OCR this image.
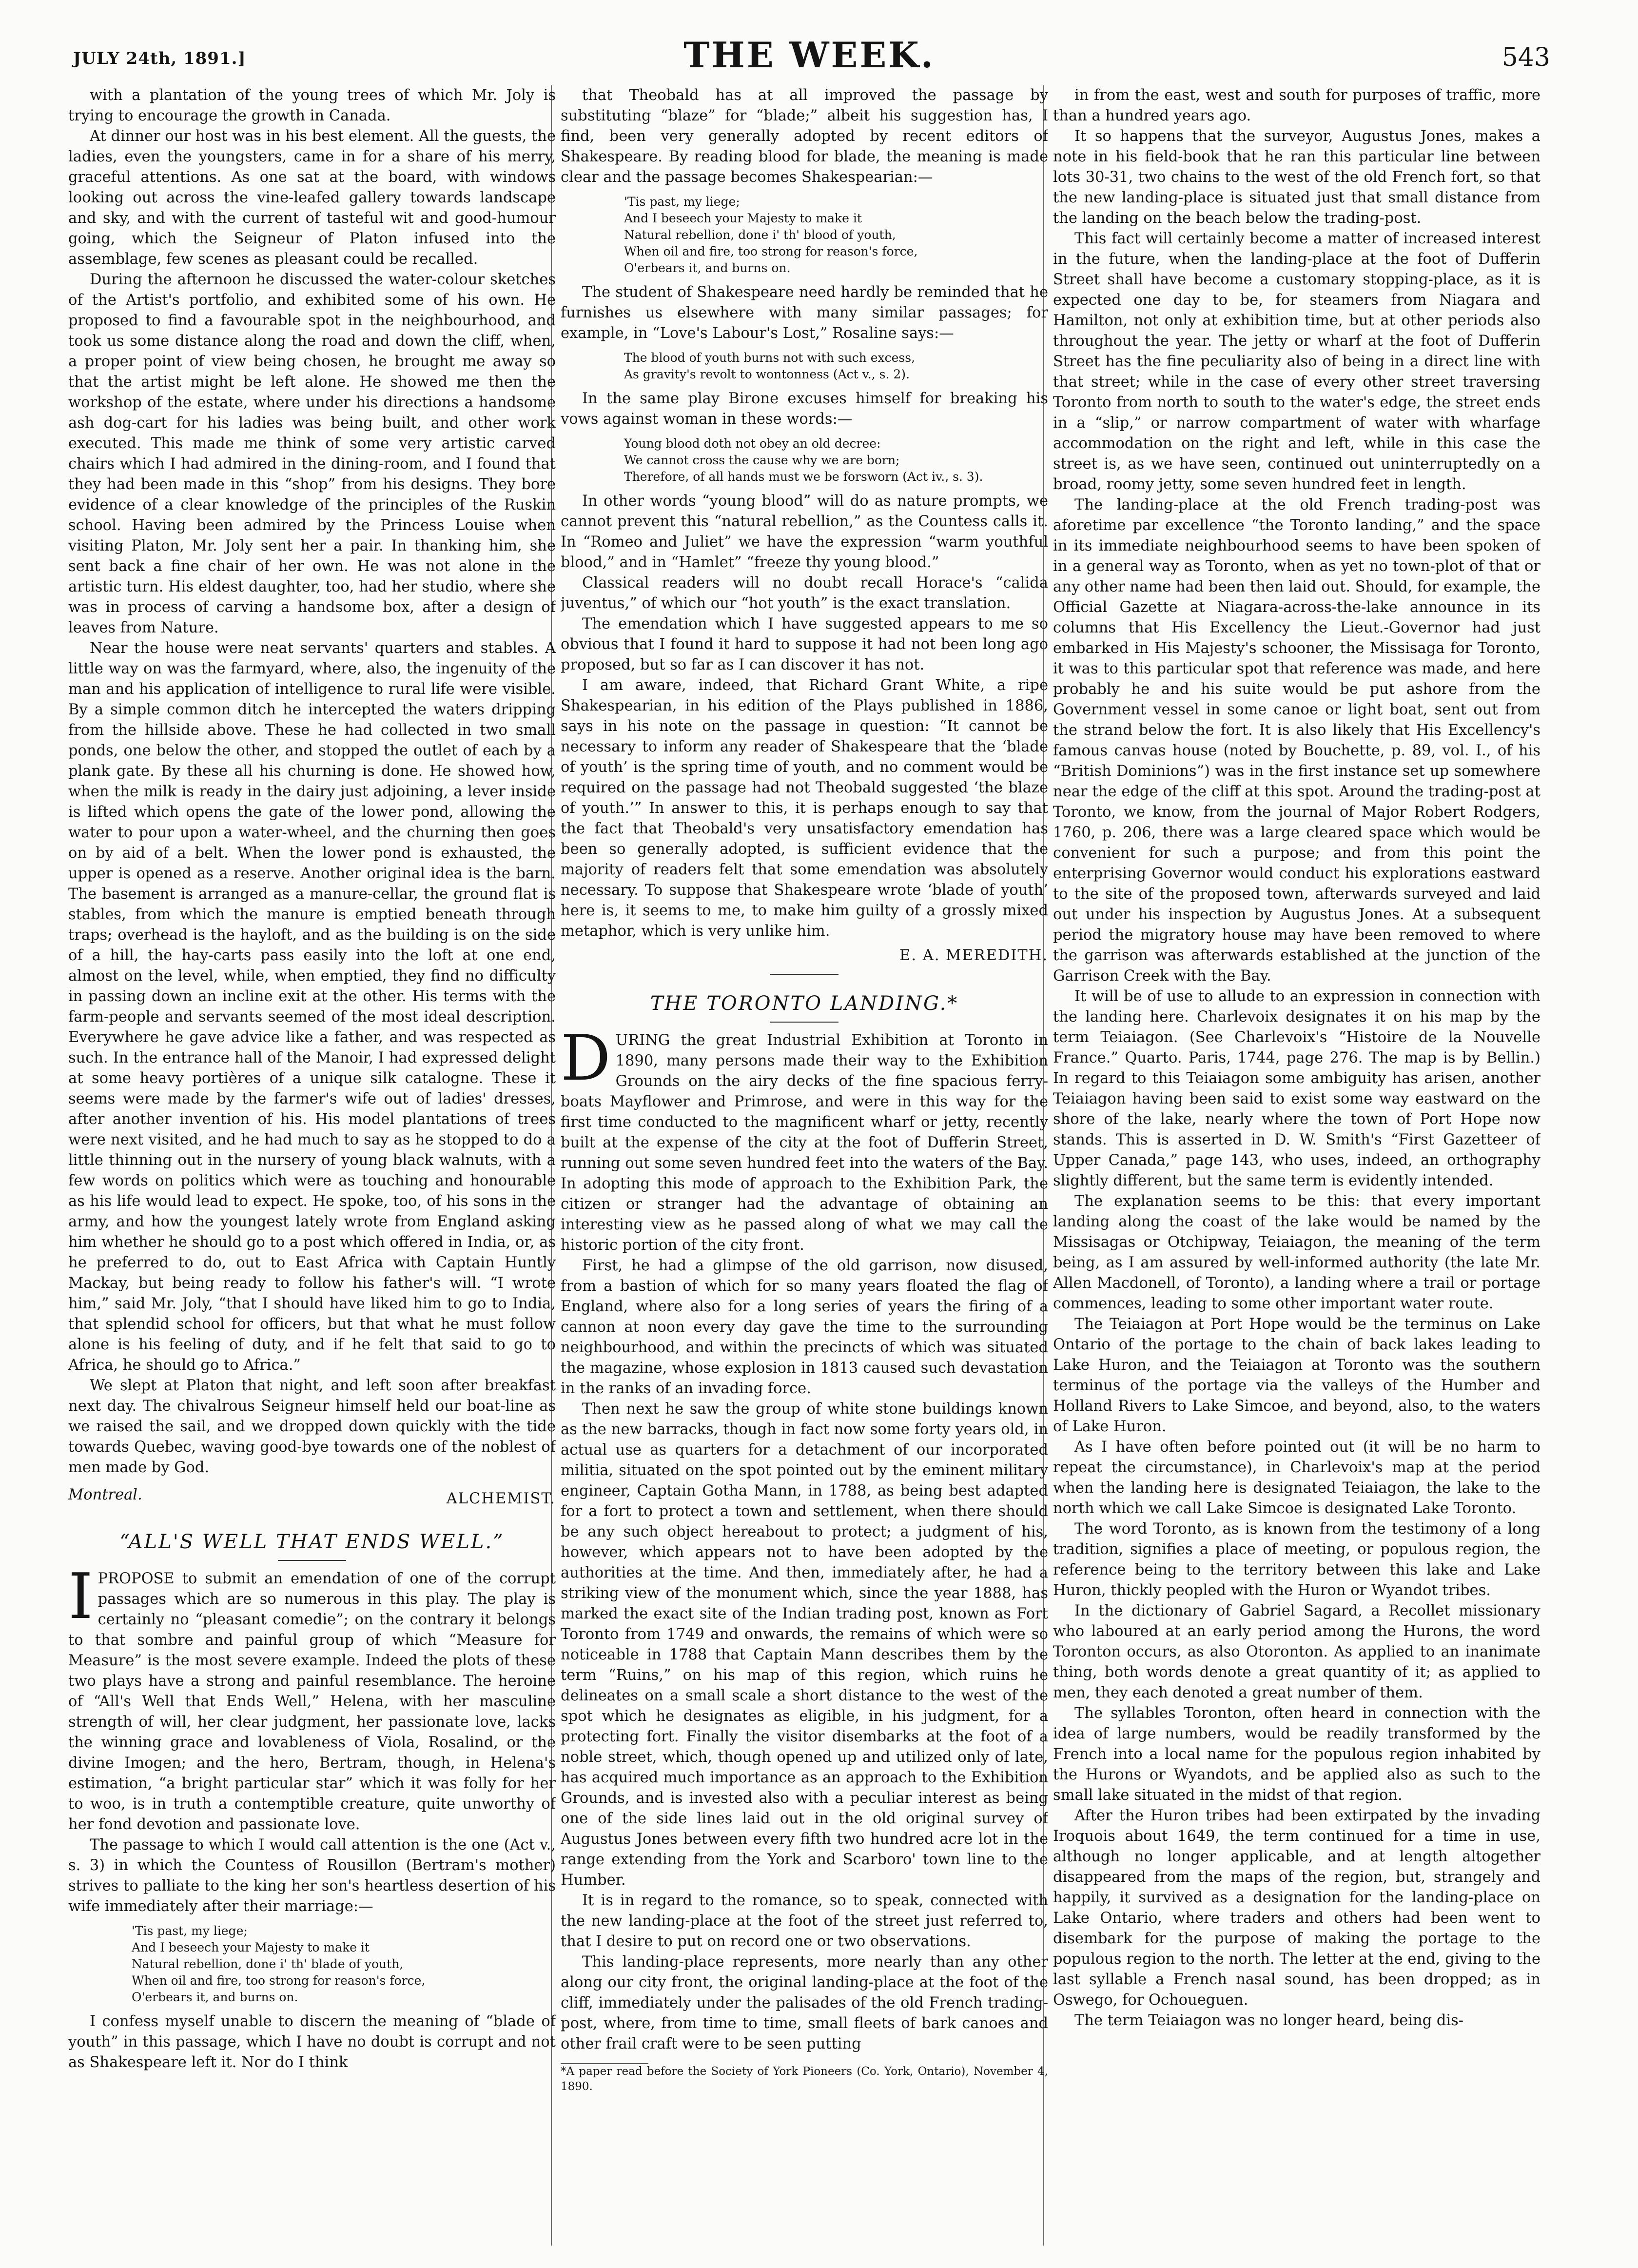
JULY 24th, 1891.]	THE WEEK.	543

with a plantation of the young trees of which Mr. Joly is trying to encourage the growth in Canada.

At dinner our host was in his best element. All the guests, the ladies, even the youngsters, came in for a share of his merry, graceful attentions. As one sat at the board, with windows looking out across the vine-leafed gallery towards landscape and sky, and with the current of tasteful wit and good-humour going, which the Seigneur of Platon infused into the assemblage, few scenes as pleasant could be recalled.

During the afternoon he discussed the water-colour sketches of the Artist's portfolio, and exhibited some of his own. He proposed to find a favourable spot in the neighbourhood, and took us some distance along the road and down the cliff, when, a proper point of view being chosen, he brought me away so that the artist might be left alone. He showed me then the workshop of the estate, where under his directions a handsome ash dog-cart for his ladies was being built, and other work executed. This made me think of some very artistic carved chairs which I had admired in the dining-room, and I found that they had been made in this “shop” from his designs. They bore evidence of a clear knowledge of the principles of the Ruskin school. Having been admired by the Princess Louise when visiting Platon, Mr. Joly sent her a pair. In thanking him, she sent back a fine chair of her own. He was not alone in the artistic turn. His eldest daughter, too, had her studio, where she was in process of carving a handsome box, after a design of leaves from Nature.

Near the house were neat servants' quarters and stables. A little way on was the farmyard, where, also, the ingenuity of the man and his application of intelligence to rural life were visible. By a simple common ditch he intercepted the waters dripping from the hillside above. These he had collected in two small ponds, one below the other, and stopped the outlet of each by a plank gate. By these all his churning is done. He showed how, when the milk is ready in the dairy just adjoining, a lever inside is lifted which opens the gate of the lower pond, allowing the water to pour upon a water-wheel, and the churning then goes on by aid of a belt. When the lower pond is exhausted, the upper is opened as a reserve. Another original idea is the barn. The basement is arranged as a manure-cellar, the ground flat is stables, from which the manure is emptied beneath through traps; overhead is the hayloft, and as the building is on the side of a hill, the hay-carts pass easily into the loft at one end, almost on the level, while, when emptied, they find no difficulty in passing down an incline exit at the other. His terms with the farm-people and servants seemed of the most ideal description. Everywhere he gave advice like a father, and was respected as such. In the entrance hall of the Manoir, I had expressed delight at some heavy portières of a unique silk catalogne. These it seems were made by the farmer's wife out of ladies' dresses, after another invention of his. His model plantations of trees were next visited, and he had much to say as he stopped to do a little thinning out in the nursery of young black walnuts, with a few words on politics which were as touching and honourable as his life would lead to expect. He spoke, too, of his sons in the army, and how the youngest lately wrote from England asking him whether he should go to a post which offered in India, or, as he preferred to do, out to East Africa with Captain Huntly Mackay, but being ready to follow his father's will. “I wrote him,” said Mr. Joly, “that I should have liked him to go to India, that splendid school for officers, but that what he must follow alone is his feeling of duty, and if he felt that said to go to Africa, he should go to Africa.”

We slept at Platon that night, and left soon after breakfast next day. The chivalrous Seigneur himself held our boat-line as we raised the sail, and we dropped down quickly with the tide towards Quebec, waving good-bye towards one of the noblest of men made by God.

Montreal.	ALCHEMIST.
“ALL'S WELL THAT ENDS WELL.”

IPROPOSE to submit an emendation of one of the corrupt passages which are so numerous in this play. The play is certainly no “pleasant comedie”; on the contrary it belongs to that sombre and painful group of which “Measure for Measure” is the most severe example. Indeed the plots of these two plays have a strong and painful resemblance. The heroine of “All's Well that Ends Well,” Helena, with her masculine strength of will, her clear judgment, her passionate love, lacks the winning grace and lovableness of Viola, Rosalind, or the divine Imogen; and the hero, Bertram, though, in Helena's estimation, “a bright particular star” which it was folly for her to woo, is in truth a contemptible creature, quite unworthy of her fond devotion and passionate love.

The passage to which I would call attention is the one (Act v., s. 3) in which the Countess of Rousillon (Bertram's mother) strives to palliate to the king her son's heartless desertion of his wife immediately after their marriage:—

'Tis past, my liege;
And I beseech your Majesty to make it
Natural rebellion, done i' th' blade of youth,
When oil and fire, too strong for reason's force,
O'erbears it, and burns on.

I confess myself unable to discern the meaning of “blade of youth” in this passage, which I have no doubt is corrupt and not as Shakespeare left it. Nor do I think

that Theobald has at all improved the passage by substituting “blaze” for “blade;” albeit his suggestion has, I find, been very generally adopted by recent editors of Shakespeare. By reading blood for blade, the meaning is made clear and the passage becomes Shakespearian:—

'Tis past, my liege;
And I beseech your Majesty to make it
Natural rebellion, done i' th' blood of youth,
When oil and fire, too strong for reason's force,
O'erbears it, and burns on.

The student of Shakespeare need hardly be reminded that he furnishes us elsewhere with many similar passages; for example, in “Love's Labour's Lost,” Rosaline says:—

The blood of youth burns not with such excess,
As gravity's revolt to wontonness (Act v., s. 2).

In the same play Birone excuses himself for breaking his vows against woman in these words:—

Young blood doth not obey an old decree:
We cannot cross the cause why we are born;
Therefore, of all hands must we be forsworn (Act iv., s. 3).

In other words “young blood” will do as nature prompts, we cannot prevent this “natural rebellion,” as the Countess calls it. In “Romeo and Juliet” we have the expression “warm youthful blood,” and in “Hamlet” “freeze thy young blood.”

Classical readers will no doubt recall Horace's “calida juventus,” of which our “hot youth” is the exact translation.

The emendation which I have suggested appears to me so obvious that I found it hard to suppose it had not been long ago proposed, but so far as I can discover it has not.

I am aware, indeed, that Richard Grant White, a ripe Shakespearian, in his edition of the Plays published in 1886, says in his note on the passage in question: “It cannot be necessary to inform any reader of Shakespeare that the ‘blade of youth’ is the spring time of youth, and no comment would be required on the passage had not Theobald suggested ‘the blaze of youth.’” In answer to this, it is perhaps enough to say that the fact that Theobald's very unsatisfactory emendation has been so generally adopted, is sufficient evidence that the majority of readers felt that some emendation was absolutely necessary. To suppose that Shakespeare wrote ‘blade of youth’ here is, it seems to me, to make him guilty of a grossly mixed metaphor, which is very unlike him.

E. A. MEREDITH.
THE TORONTO LANDING.*

DURING the great Industrial Exhibition at Toronto in 1890, many persons made their way to the Exhibition Grounds on the airy decks of the fine spacious ferry-boats Mayflower and Primrose, and were in this way for the first time conducted to the magnificent wharf or jetty, recently built at the expense of the city at the foot of Dufferin Street, running out some seven hundred feet into the waters of the Bay. In adopting this mode of approach to the Exhibition Park, the citizen or stranger had the advantage of obtaining an interesting view as he passed along of what we may call the historic portion of the city front.

First, he had a glimpse of the old garrison, now disused, from a bastion of which for so many years floated the flag of England, where also for a long series of years the firing of a cannon at noon every day gave the time to the surrounding neighbourhood, and within the precincts of which was situated the magazine, whose explosion in 1813 caused such devastation in the ranks of an invading force.

Then next he saw the group of white stone buildings known as the new barracks, though in fact now some forty years old, in actual use as quarters for a detachment of our incorporated militia, situated on the spot pointed out by the eminent military engineer, Captain Gotha Mann, in 1788, as being best adapted for a fort to protect a town and settlement, when there should be any such object hereabout to protect; a judgment of his, however, which appears not to have been adopted by the authorities at the time. And then, immediately after, he had a striking view of the monument which, since the year 1888, has marked the exact site of the Indian trading post, known as Fort Toronto from 1749 and onwards, the remains of which were so noticeable in 1788 that Captain Mann describes them by the term “Ruins,” on his map of this region, which ruins he delineates on a small scale a short distance to the west of the spot which he designates as eligible, in his judgment, for a protecting fort. Finally the visitor disembarks at the foot of a noble street, which, though opened up and utilized only of late, has acquired much importance as an approach to the Exhibition Grounds, and is invested also with a peculiar interest as being one of the side lines laid out in the old original survey of Augustus Jones between every fifth two hundred acre lot in the range extending from the York and Scarboro' town line to the Humber.

It is in regard to the romance, so to speak, connected with the new landing-place at the foot of the street just referred to, that I desire to put on record one or two observations.

This landing-place represents, more nearly than any other along our city front, the original landing-place at the foot of the cliff, immediately under the palisades of the old French trading-post, where, from time to time, small fleets of bark canoes and other frail craft were to be seen putting

*A paper read before the Society of York Pioneers (Co. York, Ontario), November 4, 1890.

in from the east, west and south for purposes of traffic, more than a hundred years ago.

It so happens that the surveyor, Augustus Jones, makes a note in his field-book that he ran this particular line between lots 30-31, two chains to the west of the old French fort, so that the new landing-place is situated just that small distance from the landing on the beach below the trading-post.

This fact will certainly become a matter of increased interest in the future, when the landing-place at the foot of Dufferin Street shall have become a customary stopping-place, as it is expected one day to be, for steamers from Niagara and Hamilton, not only at exhibition time, but at other periods also throughout the year. The jetty or wharf at the foot of Dufferin Street has the fine peculiarity also of being in a direct line with that street; while in the case of every other street traversing Toronto from north to south to the water's edge, the street ends in a “slip,” or narrow compartment of water with wharfage accommodation on the right and left, while in this case the street is, as we have seen, continued out uninterruptedly on a broad, roomy jetty, some seven hundred feet in length.

The landing-place at the old French trading-post was aforetime par excellence “the Toronto landing,” and the space in its immediate neighbourhood seems to have been spoken of in a general way as Toronto, when as yet no town-plot of that or any other name had been then laid out. Should, for example, the Official Gazette at Niagara-across-the-lake announce in its columns that His Excellency the Lieut.-Governor had just embarked in His Majesty's schooner, the Missisaga for Toronto, it was to this particular spot that reference was made, and here probably he and his suite would be put ashore from the Government vessel in some canoe or light boat, sent out from the strand below the fort. It is also likely that His Excellency's famous canvas house (noted by Bouchette, p. 89, vol. I., of his “British Dominions”) was in the first instance set up somewhere near the edge of the cliff at this spot. Around the trading-post at Toronto, we know, from the journal of Major Robert Rodgers, 1760, p. 206, there was a large cleared space which would be convenient for such a purpose; and from this point the enterprising Governor would conduct his explorations eastward to the site of the proposed town, afterwards surveyed and laid out under his inspection by Augustus Jones. At a subsequent period the migratory house may have been removed to where the garrison was afterwards established at the junction of the Garrison Creek with the Bay.

It will be of use to allude to an expression in connection with the landing here. Charlevoix designates it on his map by the term Teiaiagon. (See Charlevoix's “Histoire de la Nouvelle France.” Quarto. Paris, 1744, page 276. The map is by Bellin.) In regard to this Teiaiagon some ambiguity has arisen, another Teiaiagon having been said to exist some way eastward on the shore of the lake, nearly where the town of Port Hope now stands. This is asserted in D. W. Smith's “First Gazetteer of Upper Canada,” page 143, who uses, indeed, an orthography slightly different, but the same term is evidently intended.

The explanation seems to be this: that every important landing along the coast of the lake would be named by the Missisagas or Otchipway, Teiaiagon, the meaning of the term being, as I am assured by well-informed authority (the late Mr. Allen Macdonell, of Toronto), a landing where a trail or portage commences, leading to some other important water route.

The Teiaiagon at Port Hope would be the terminus on Lake Ontario of the portage to the chain of back lakes leading to Lake Huron, and the Teiaiagon at Toronto was the southern terminus of the portage via the valleys of the Humber and Holland Rivers to Lake Simcoe, and beyond, also, to the waters of Lake Huron.

As I have often before pointed out (it will be no harm to repeat the circumstance), in Charlevoix's map at the period when the landing here is designated Teiaiagon, the lake to the north which we call Lake Simcoe is designated Lake Toronto.

The word Toronto, as is known from the testimony of a long tradition, signifies a place of meeting, or populous region, the reference being to the territory between this lake and Lake Huron, thickly peopled with the Huron or Wyandot tribes.

In the dictionary of Gabriel Sagard, a Recollet missionary who laboured at an early period among the Hurons, the word Toronton occurs, as also Otoronton. As applied to an inanimate thing, both words denote a great quantity of it; as applied to men, they each denoted a great number of them.

The syllables Toronton, often heard in connection with the idea of large numbers, would be readily transformed by the French into a local name for the populous region inhabited by the Hurons or Wyandots, and be applied also as such to the small lake situated in the midst of that region.

After the Huron tribes had been extirpated by the invading Iroquois about 1649, the term continued for a time in use, although no longer applicable, and at length altogether disappeared from the maps of the region, but, strangely and happily, it survived as a designation for the landing-place on Lake Ontario, where traders and others had been went to disembark for the purpose of making the portage to the populous region to the north. The letter at the end, giving to the last syllable a French nasal sound, has been dropped; as in Oswego, for Ochoueguen.

The term Teiaiagon was no longer heard, being dis-
